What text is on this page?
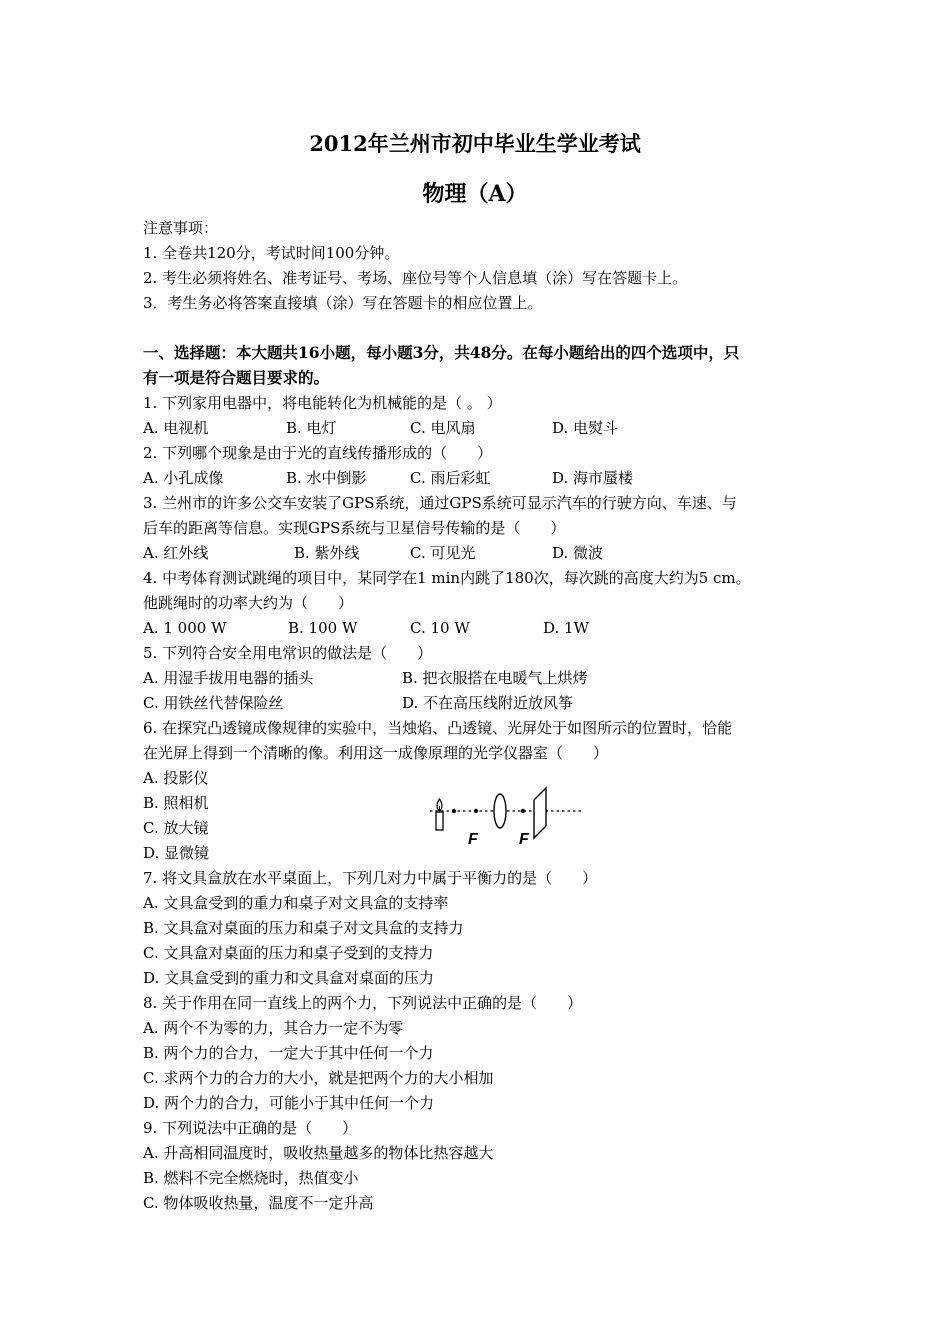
2012年兰州市初中毕业生学业考试
物理（A）

注意事项：

1. 全卷共120分，考试时间100分钟。

2. 考生必须将姓名、准考证号、考场、座位号等个人信息填（涂）写在答题卡上。

3．考生务必将答案直接填（涂）写在答题卡的相应位置上。

一、选择题：本大题共16小题，每小题3分，共48分。在每小题给出的四个选项中，只

有一项是符合题目要求的。

1. 下列家用电器中，将电能转化为机械能的是（ 。 ）

A. 电视机	B. 电灯	C. 电风扇	D. 电熨斗

2. 下列哪个现象是由于光的直线传播形成的（　　）

A. 小孔成像	B. 水中倒影	C. 雨后彩虹	D. 海市蜃楼

3. 兰州市的许多公交车安装了GPS系统，通过GPS系统可显示汽车的行驶方向、车速、与

后车的距离等信息。实现GPS系统与卫星信号传输的是（　　）

A. 红外线	B. 紫外线	C. 可见光	D. 微波

4. 中考体育测试跳绳的项目中，某同学在1 min内跳了180次，每次跳的高度大约为5 cm。

他跳绳时的功率大约为（　　）

A. 1 000 W	B. 100 W	C. 10 W	D. 1W

5. 下列符合安全用电常识的做法是（　　）

A. 用湿手拔用电器的插头	B. 把衣服搭在电暖气上烘烤
C. 用铁丝代替保险丝	D. 不在高压线附近放风筝

6. 在探究凸透镜成像规律的实验中，当烛焰、凸透镜、光屏处于如图所示的位置时，恰能

在光屏上得到一个清晰的像。利用这一成像原理的光学仪器室（　　）

A. 投影仪

B. 照相机

C. 放大镜

D. 显微镜

F	F

7. 将文具盒放在水平桌面上，下列几对力中属于平衡力的是（　　）

A. 文具盒受到的重力和桌子对文具盒的支持率

B. 文具盒对桌面的压力和桌子对文具盒的支持力

C. 文具盒对桌面的压力和桌子受到的支持力

D. 文具盒受到的重力和文具盒对桌面的压力

8. 关于作用在同一直线上的两个力，下列说法中正确的是（　　）

A. 两个不为零的力，其合力一定不为零

B. 两个力的合力，一定大于其中任何一个力

C. 求两个力的合力的大小，就是把两个力的大小相加

D. 两个力的合力，可能小于其中任何一个力

9. 下列说法中正确的是（　　）

A. 升高相同温度时，吸收热量越多的物体比热容越大

B. 燃料不完全燃烧时，热值变小

C. 物体吸收热量，温度不一定升高
